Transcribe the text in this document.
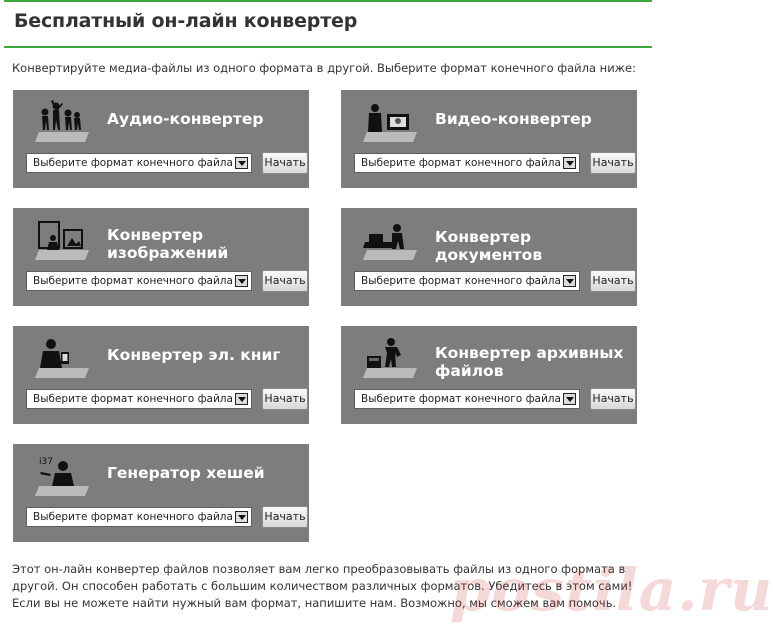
Бесплатный он-лайн конвертер
Конвертируйте медиа-файлы из одного формата в другой. Выберите формат конечного файла ниже:
Аудио-конвертер
Выберите формат конечного файла	Начать
Видео-конвертер
Выберите формат конечного файла	Начать
Конвертер изображений
Выберите формат конечного файла	Начать
Конвертер документов
Выберите формат конечного файла	Начать
Конвертер эл. книг
Выберите формат конечного файла	Начать
Конвертер архивных файлов
Выберите формат конечного файла	Начать
i37
Генератор хешей
Выберите формат конечного файла	Начать
Этот он-лайн конвертер файлов позволяет вам легко преобразовывать файлы из одного формата в другой. Он способен работать с большим количеством различных форматов. Убедитесь в этом сами! Если вы не можете найти нужный вам формат, напишите нам. Возможно, мы сможем вам помочь.
postila.ru
